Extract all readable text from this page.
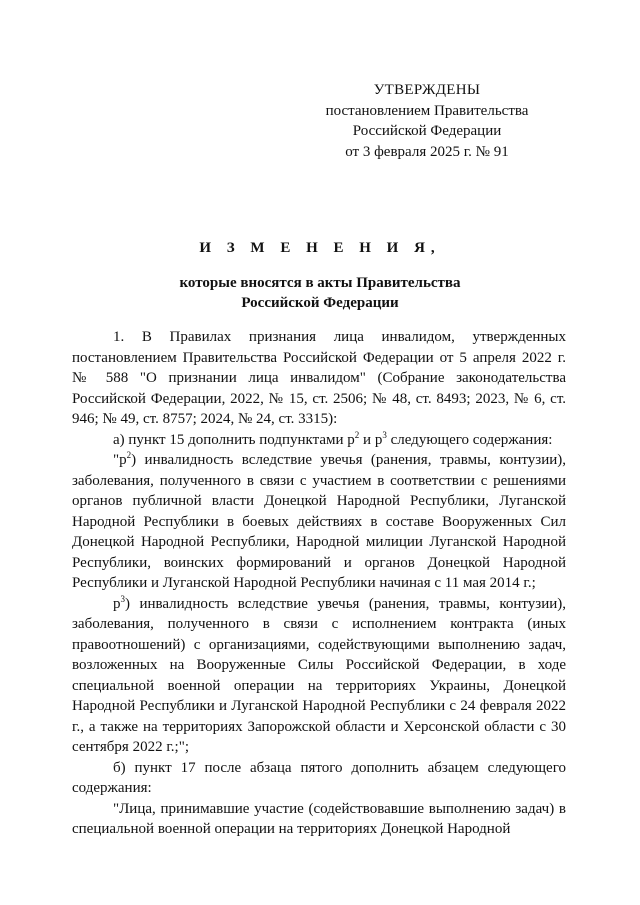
УТВЕРЖДЕНЫ
постановлением Правительства
Российской Федерации
от 3 февраля 2025 г. № 91
И З М Е Н Е Н И Я,
которые вносятся в акты Правительства
Российской Федерации

1. В Правилах признания лица инвалидом, утвержденных постановлением Правительства Российской Федерации от 5 апреля 2022 г. № 588 "О признании лица инвалидом" (Собрание законодательства Российской Федерации, 2022, № 15, ст. 2506; № 48, ст. 8493; 2023, № 6, ст. 946; № 49, ст. 8757; 2024, № 24, ст. 3315):

а) пункт 15 дополнить подпунктами $р^2$ и $р^3$ следующего содержания:

"$р^2$) инвалидность вследствие увечья (ранения, травмы, контузии), заболевания, полученного в связи с участием в соответствии с решениями органов публичной власти Донецкой Народной Республики, Луганской Народной Республики в боевых действиях в составе Вооруженных Сил Донецкой Народной Республики, Народной милиции Луганской Народной Республики, воинских формирований и органов Донецкой Народной Республики и Луганской Народной Республики начиная с 11 мая 2014 г.;

$р^3$) инвалидность вследствие увечья (ранения, травмы, контузии), заболевания, полученного в связи с исполнением контракта (иных правоотношений) с организациями, содействующими выполнению задач, возложенных на Вооруженные Силы Российской Федерации, в ходе специальной военной операции на территориях Украины, Донецкой Народной Республики и Луганской Народной Республики с 24 февраля 2022 г., а также на территориях Запорожской области и Херсонской области с 30 сентября 2022 г.;";

б) пункт 17 после абзаца пятого дополнить абзацем следующего содержания:

"Лица, принимавшие участие (содействовавшие выполнению задач) в специальной военной операции на территориях Донецкой Народной
